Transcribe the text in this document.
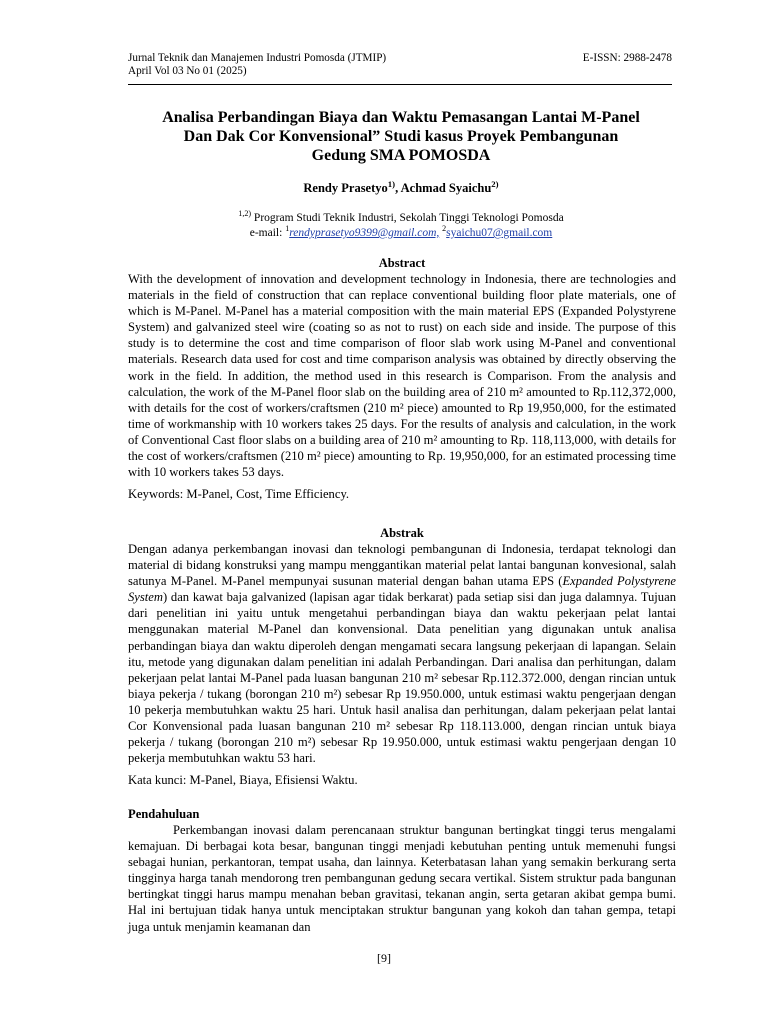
Jurnal Teknik dan Manajemen Industri Pomosda (JTMIP)
April Vol 03 No 01 (2025)
E-ISSN: 2988-2478
Analisa Perbandingan Biaya dan Waktu Pemasangan Lantai M-Panel
Dan Dak Cor Konvensional” Studi kasus Proyek Pembangunan
Gedung SMA POMOSDA
Rendy Prasetyo$^{1)}$, Achmad Syaichu$^{2)}$
$^{1,2)}$ Program Studi Teknik Industri, Sekolah Tinggi Teknologi Pomosda
e-mail: $^1$rendyprasetyo9399@gmail.com, $^2$syaichu07@gmail.com
Abstract

With the development of innovation and development technology in Indonesia, there are technologies and materials in the field of construction that can replace conventional building floor plate materials, one of which is M-Panel. M-Panel has a material composition with the main material EPS (Expanded Polystyrene System) and galvanized steel wire (coating so as not to rust) on each side and inside. The purpose of this study is to determine the cost and time comparison of floor slab work using M-Panel and conventional materials. Research data used for cost and time comparison analysis was obtained by directly observing the work in the field. In addition, the method used in this research is Comparison. From the analysis and calculation, the work of the M-Panel floor slab on the building area of 210 m² amounted to Rp.112,372,000, with details for the cost of workers/craftsmen (210 m² piece) amounted to Rp 19,950,000, for the estimated time of workmanship with 10 workers takes 25 days. For the results of analysis and calculation, in the work of Conventional Cast floor slabs on a building area of 210 m² amounting to Rp. 118,113,000, with details for the cost of workers/craftsmen (210 m² piece) amounting to Rp. 19,950,000, for an estimated processing time with 10 workers takes 53 days.

Keywords: M-Panel, Cost, Time Efficiency.

Abstrak

Dengan adanya perkembangan inovasi dan teknologi pembangunan di Indonesia, terdapat teknologi dan material di bidang konstruksi yang mampu menggantikan material pelat lantai bangunan konvesional, salah satunya M-Panel. M-Panel mempunyai susunan material dengan bahan utama EPS (Expanded Polystyrene System) dan kawat baja galvanized (lapisan agar tidak berkarat) pada setiap sisi dan juga dalamnya. Tujuan dari penelitian ini yaitu untuk mengetahui perbandingan biaya dan waktu pekerjaan pelat lantai menggunakan material M-Panel dan konvensional. Data penelitian yang digunakan untuk analisa perbandingan biaya dan waktu diperoleh dengan mengamati secara langsung pekerjaan di lapangan. Selain itu, metode yang digunakan dalam penelitian ini adalah Perbandingan. Dari analisa dan perhitungan, dalam pekerjaan pelat lantai M-Panel pada luasan bangunan 210 m² sebesar Rp.112.372.000, dengan rincian untuk biaya pekerja / tukang (borongan 210 m²) sebesar Rp 19.950.000, untuk estimasi waktu pengerjaan dengan 10 pekerja membutuhkan waktu 25 hari. Untuk hasil analisa dan perhitungan, dalam pekerjaan pelat lantai Cor Konvensional pada luasan bangunan 210 m² sebesar Rp 118.113.000, dengan rincian untuk biaya pekerja / tukang (borongan 210 m²) sebesar Rp 19.950.000, untuk estimasi waktu pengerjaan dengan 10 pekerja membutuhkan waktu 53 hari.

Kata kunci: M-Panel, Biaya, Efisiensi Waktu.

Pendahuluan

Perkembangan inovasi dalam perencanaan struktur bangunan bertingkat tinggi terus mengalami kemajuan. Di berbagai kota besar, bangunan tinggi menjadi kebutuhan penting untuk memenuhi fungsi sebagai hunian, perkantoran, tempat usaha, dan lainnya. Keterbatasan lahan yang semakin berkurang serta tingginya harga tanah mendorong tren pembangunan gedung secara vertikal. Sistem struktur pada bangunan bertingkat tinggi harus mampu menahan beban gravitasi, tekanan angin, serta getaran akibat gempa bumi. Hal ini bertujuan tidak hanya untuk menciptakan struktur bangunan yang kokoh dan tahan gempa, tetapi juga untuk menjamin keamanan dan

[9]
